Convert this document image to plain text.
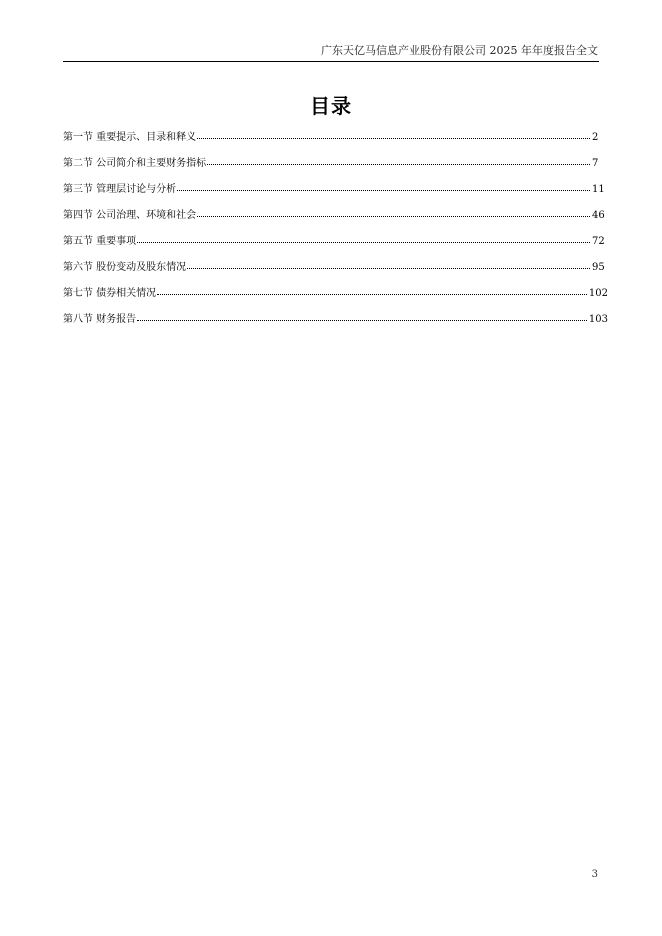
广东天亿马信息产业股份有限公司 2025 年年度报告全文
目录
第一节 重要提示、目录和释义	2
第二节 公司简介和主要财务指标	7
第三节 管理层讨论与分析	11
第四节 公司治理、环境和社会	46
第五节 重要事项	72
第六节 股份变动及股东情况	95
第七节 债券相关情况	102
第八节 财务报告	103
3
